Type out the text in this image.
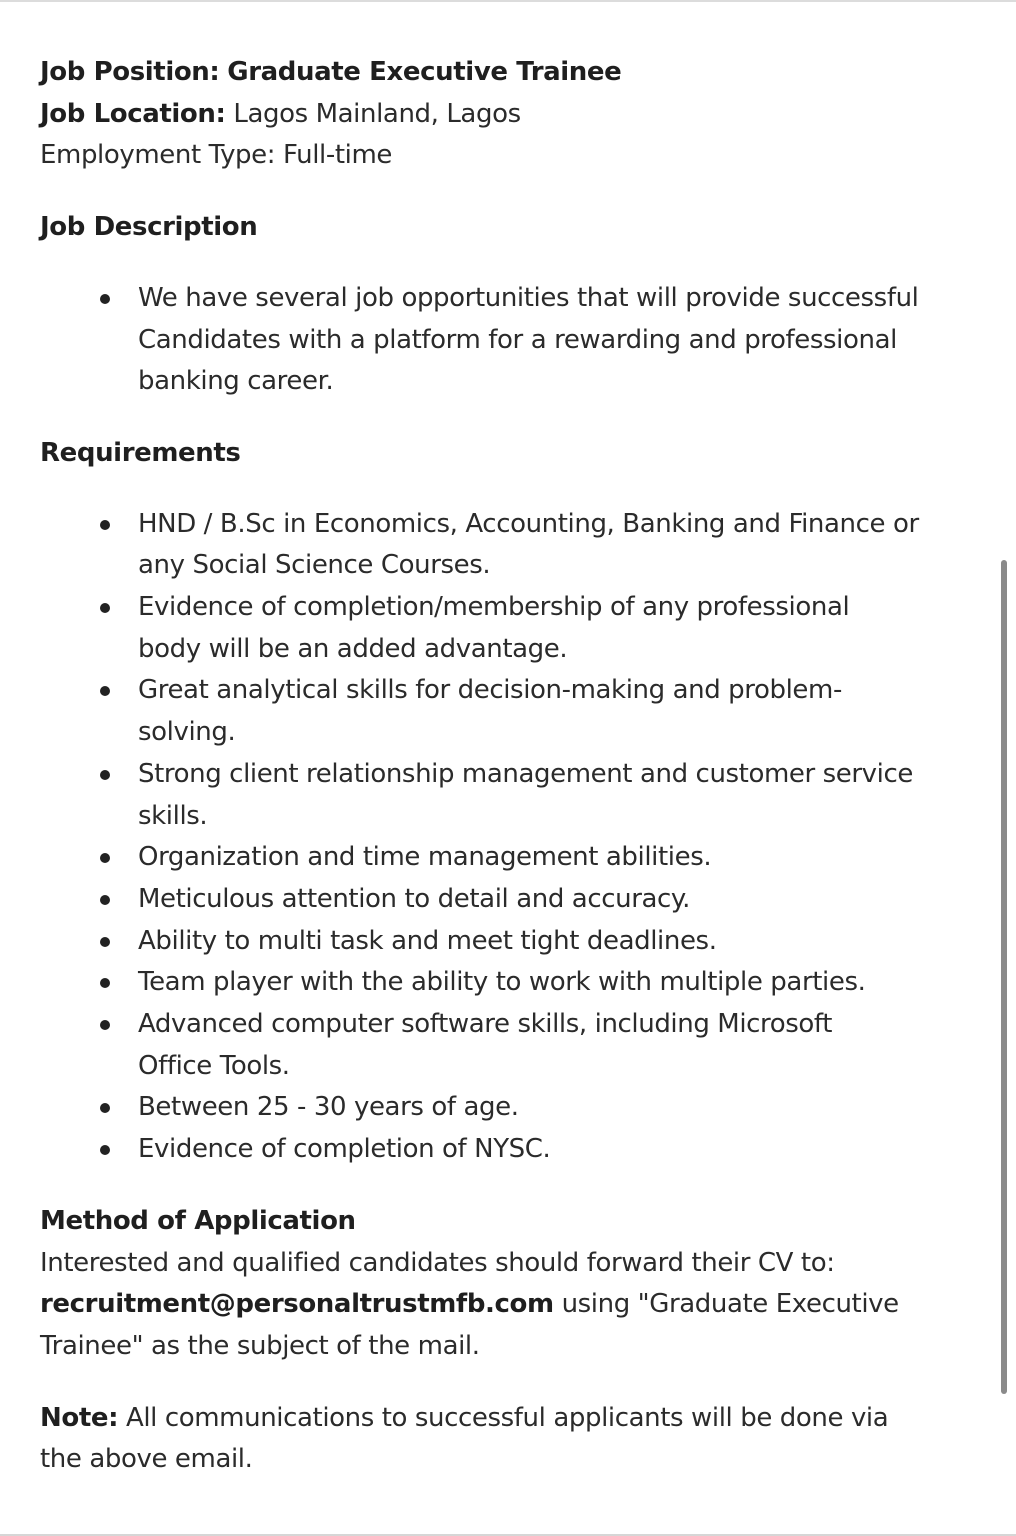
Job Position: Graduate Executive Trainee

Job Location: Lagos Mainland, Lagos

Employment Type: Full-time

Job Description

We have several job opportunities that will provide successful
Candidates with a platform for a rewarding and professional
banking career.

Requirements

HND / B.Sc in Economics, Accounting, Banking and Finance or
any Social Science Courses.
Evidence of completion/membership of any professional
body will be an added advantage.
Great analytical skills for decision-making and problem-
solving.
Strong client relationship management and customer service
skills.
Organization and time management abilities.
Meticulous attention to detail and accuracy.
Ability to multi task and meet tight deadlines.
Team player with the ability to work with multiple parties.
Advanced computer software skills, including Microsoft
Office Tools.
Between 25 - 30 years of age.
Evidence of completion of NYSC.

Method of Application

Interested and qualified candidates should forward their CV to:

recruitment@personaltrustmfb.com using "Graduate Executive

Trainee" as the subject of the mail.

Note: All communications to successful applicants will be done via

the above email.
